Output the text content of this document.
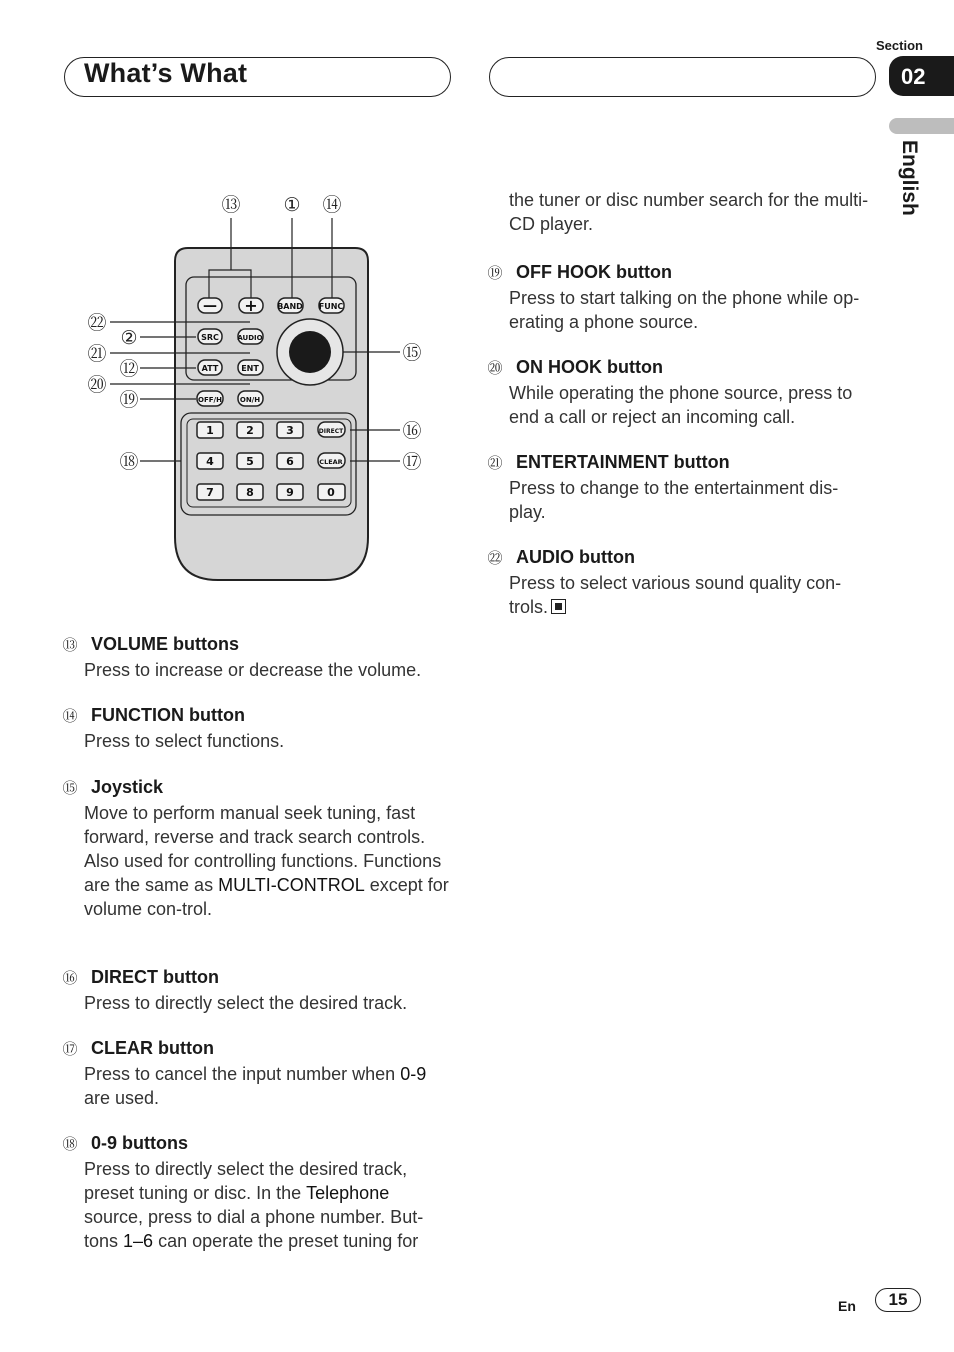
What’s What
Section
02
English
⑬ ① ⑭
㉒
②
㉑
⑫
⑳
⑲
⑱
⑮
⑯
⑰
— + BAND FUNC
SRC	AUDIO
ATT	ENT
OFF/H	ON/H
DIRECT
CLEAR
1	2	3
4	5	6
7	8	9	0
⑬ VOLUME buttons
Press to increase or decrease the volume.
⑭ FUNCTION button
Press to select functions.
⑮ Joystick
Move to perform manual seek tuning, fast forward, reverse and track search controls. Also used for controlling functions. Functions are the same as MULTI-CONTROL except for volume con-trol.
⑯ DIRECT button
Press to directly select the desired track.
⑰ CLEAR button
Press to cancel the input number when 0-9 are used.
⑱ 0-9 buttons
Press to directly select the desired track, preset tuning or disc. In the Telephone source, press to dial a phone number. But-tons 1–6 can operate the preset tuning for
the tuner or disc number search for the multi-CD player.
⑲ OFF HOOK button
Press to start talking on the phone while op-erating a phone source.
⑳ ON HOOK button
While operating the phone source, press to end a call or reject an incoming call.
㉑ ENTERTAINMENT button
Press to change to the entertainment dis-play.
㉒ AUDIO button
Press to select various sound quality con-trols.
En	15
